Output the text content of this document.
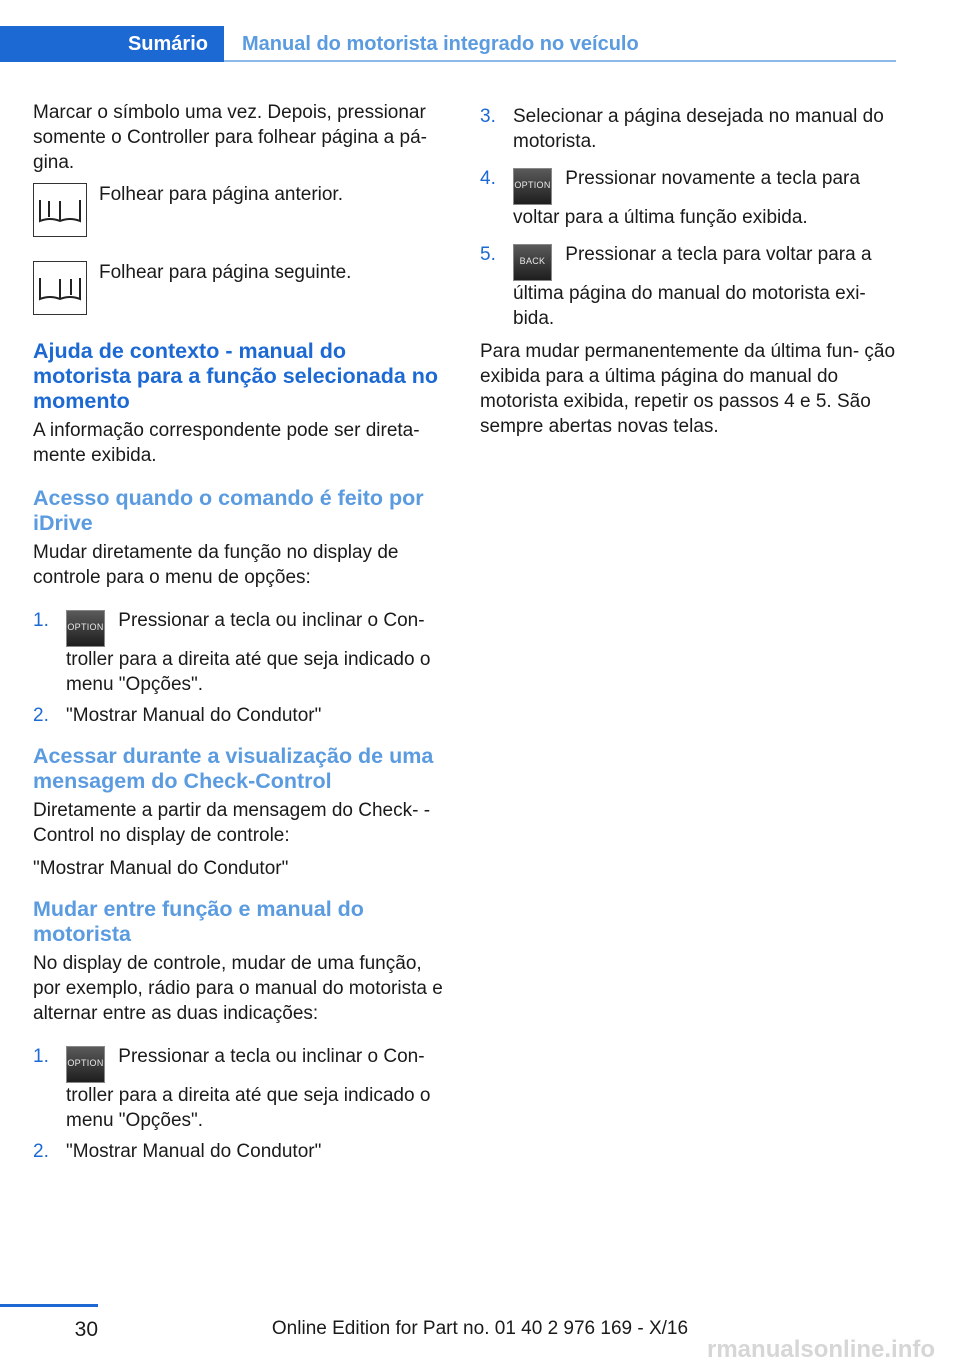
Sumário	Manual do motorista integrado no veículo

Marcar o símbolo uma vez. Depois, pressionar somente o Controller para folhear página a pá‐ gina.

Folhear para página anterior.
Folhear para página seguinte.
Ajuda de contexto - manual do motorista para a função selecionada no momento

A informação correspondente pode ser direta‐ mente exibida.

Acesso quando o comando é feito por iDrive

Mudar diretamente da função no display de controle para o menu de opções:

1. OPTION Pressionar a tecla ou inclinar o Con‐ troller para a direita até que seja indicado o menu "Opções".
2. "Mostrar Manual do Condutor"
Acessar durante a visualização de uma mensagem do Check-Control

Diretamente a partir da mensagem do Check- -Control no display de controle:

"Mostrar Manual do Condutor"

Mudar entre função e manual do motorista

No display de controle, mudar de uma função, por exemplo, rádio para o manual do motorista e alternar entre as duas indicações:

1. OPTION Pressionar a tecla ou inclinar o Con‐ troller para a direita até que seja indicado o menu "Opções".
2. "Mostrar Manual do Condutor"
3. Selecionar a página desejada no manual do motorista.
4. OPTION Pressionar novamente a tecla para voltar para a última função exibida.
5.	BACK Pressionar a tecla para voltar para a última página do manual do motorista exi‐ bida.

Para mudar permanentemente da última fun‐ ção exibida para a última página do manual do motorista exibida, repetir os passos 4 e 5. São sempre abertas novas telas.

30	Online Edition for Part no. 01 40 2 976 169 - X/16
rmanualsonline.info
